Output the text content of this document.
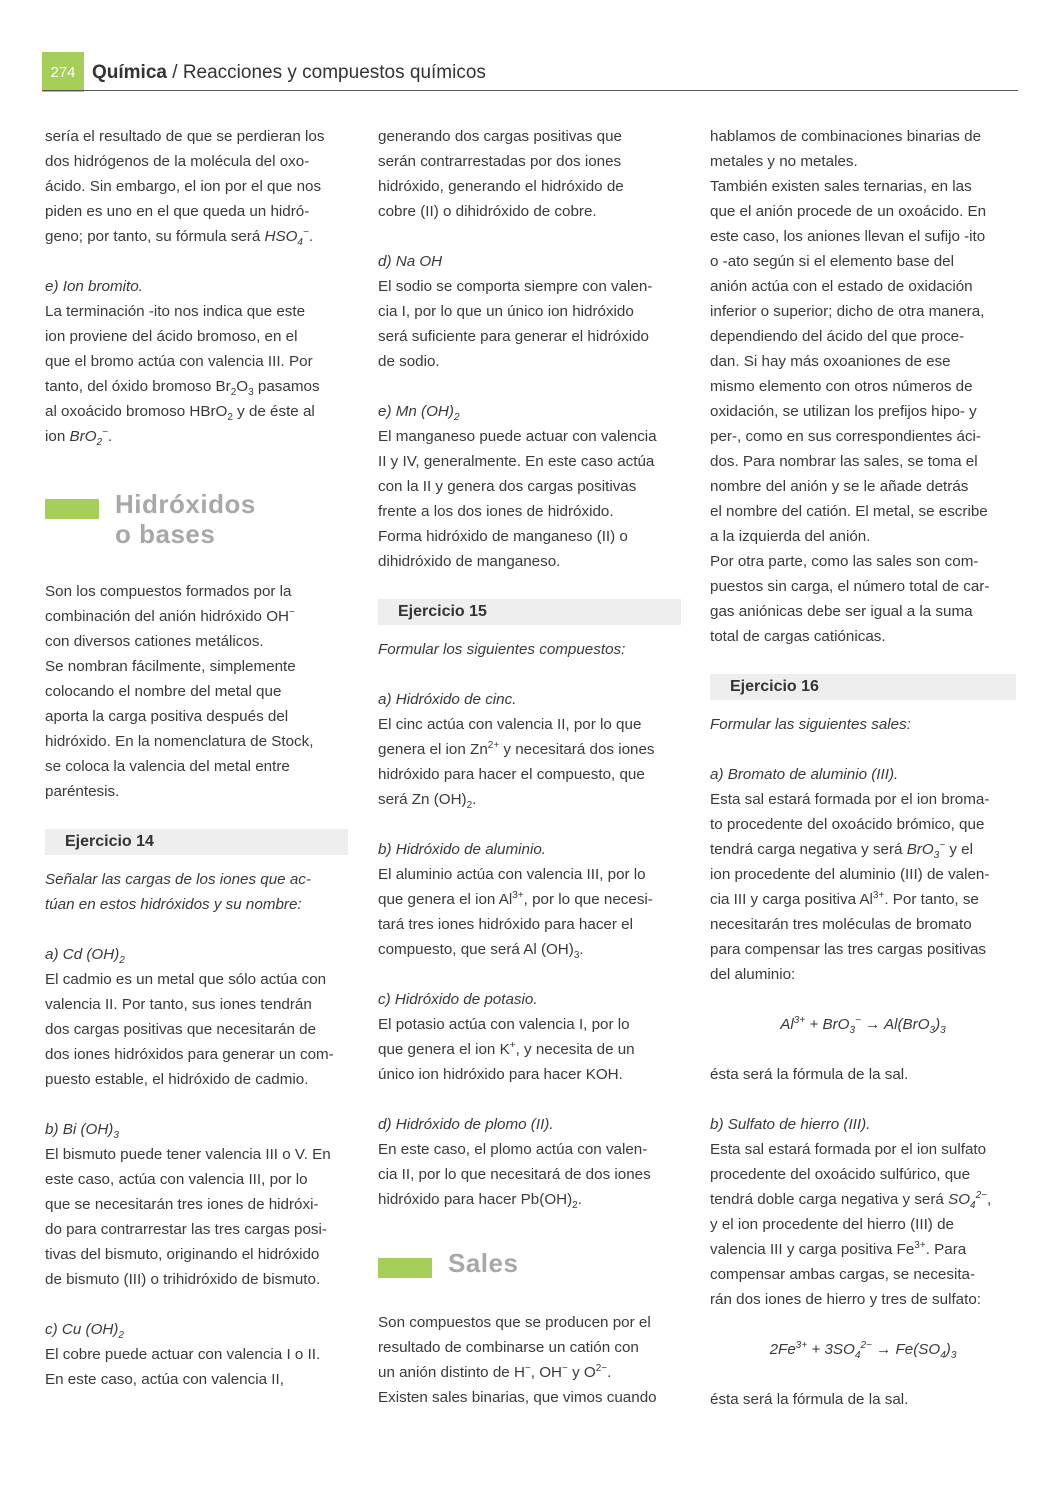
274 Química / Reacciones y compuestos químicos

sería el resultado de que se perdieran los

dos hidrógenos de la molécula del oxo-

ácido. Sin embargo, el ion por el que nos

piden es uno en el que queda un hidró-

geno; por tanto, su fórmula será $HSO_4^-$.

e) Ion bromito.

La terminación -ito nos indica que este

ion proviene del ácido bromoso, en el

que el bromo actúa con valencia III. Por

tanto, del óxido bromoso $Br_2O_3$ pasamos

al oxoácido bromoso HBrO$_2$ y de éste al

ion BrO$_2$−.

Hidróxidos
o bases

Son los compuestos formados por la

combinación del anión hidróxido OH−

con diversos cationes metálicos.

Se nombran fácilmente, simplemente

colocando el nombre del metal que

aporta la carga positiva después del

hidróxido. En la nomenclatura de Stock,

se coloca la valencia del metal entre

paréntesis.

Ejercicio 14

Señalar las cargas de los iones que ac-

túan en estos hidróxidos y su nombre:

a) Cd $(OH)_2$

El cadmio es un metal que sólo actúa con

valencia II. Por tanto, sus iones tendrán

dos cargas positivas que necesitarán de

dos iones hidróxidos para generar un com-

puesto estable, el hidróxido de cadmio.

b) Bi $(OH)_3$

El bismuto puede tener valencia III o V. En

este caso, actúa con valencia III, por lo

que se necesitarán tres iones de hidróxi-

do para contrarrestar las tres cargas posi-

tivas del bismuto, originando el hidróxido

de bismuto (III) o trihidróxido de bismuto.

c) Cu $(OH)_2$

El cobre puede actuar con valencia I o II.

En este caso, actúa con valencia II,

generando dos cargas positivas que

serán contrarrestadas por dos iones

hidróxido, generando el hidróxido de

cobre (II) o dihidróxido de cobre.

d) Na OH

El sodio se comporta siempre con valen-

cia I, por lo que un único ion hidróxido

será suficiente para generar el hidróxido

de sodio.

e) Mn $(OH)_2$

El manganeso puede actuar con valencia

II y IV, generalmente. En este caso actúa

con la II y genera dos cargas positivas

frente a los dos iones de hidróxido.

Forma hidróxido de manganeso (II) o

dihidróxido de manganeso.

Ejercicio 15

Formular los siguientes compuestos:

a) Hidróxido de cinc.

El cinc actúa con valencia II, por lo que

genera el ion $Zn^{2+}$ y necesitará dos iones

hidróxido para hacer el compuesto, que

será Zn $(OH)_2$.

b) Hidróxido de aluminio.

El aluminio actúa con valencia III, por lo

que genera el ion $Al^{3+}$, por lo que necesi-

tará tres iones hidróxido para hacer el

compuesto, que será Al $(OH)_3$.

c) Hidróxido de potasio.

El potasio actúa con valencia I, por lo

que genera el ion K+, y necesita de un

único ion hidróxido para hacer KOH.

d) Hidróxido de plomo (II).

En este caso, el plomo actúa con valen-

cia II, por lo que necesitará de dos iones

hidróxido para hacer $Pb(OH)_2$.

Sales

Son compuestos que se producen por el

resultado de combinarse un catión con

un anión distinto de H−, OH− y $O^{2-}$.

Existen sales binarias, que vimos cuando

hablamos de combinaciones binarias de

metales y no metales.

También existen sales ternarias, en las

que el anión procede de un oxoácido. En

este caso, los aniones llevan el sufijo -ito

o -ato según si el elemento base del

anión actúa con el estado de oxidación

inferior o superior; dicho de otra manera,

dependiendo del ácido del que proce-

dan. Si hay más oxoaniones de ese

mismo elemento con otros números de

oxidación, se utilizan los prefijos hipo- y

per-, como en sus correspondientes áci-

dos. Para nombrar las sales, se toma el

nombre del anión y se le añade detrás

el nombre del catión. El metal, se escribe

a la izquierda del anión.

Por otra parte, como las sales son com-

puestos sin carga, el número total de car-

gas aniónicas debe ser igual a la suma

total de cargas catiónicas.

Ejercicio 16

Formular las siguientes sales:

a) Bromato de aluminio (III).

Esta sal estará formada por el ion broma-

to procedente del oxoácido brómico, que

tendrá carga negativa y será BrO$_3$− y el

ion procedente del aluminio (III) de valen-

cia III y carga positiva $Al^{3+}$. Por tanto, se

necesitarán tres moléculas de bromato

para compensar las tres cargas positivas

del aluminio:

$Al^{3+} + BrO_3^- \to Al(BrO_3)_3$

ésta será la fórmula de la sal.

b) Sulfato de hierro (III).

Esta sal estará formada por el ion sulfato

procedente del oxoácido sulfúrico, que

tendrá doble carga negativa y será $SO_4^{2-}$,

y el ion procedente del hierro (III) de

valencia III y carga positiva $Fe^{3+}$. Para

compensar ambas cargas, se necesita-

rán dos iones de hierro y tres de sulfato:

$2Fe^{3+} + 3SO_4^{2-} \to Fe(SO_4)_3$

ésta será la fórmula de la sal.
